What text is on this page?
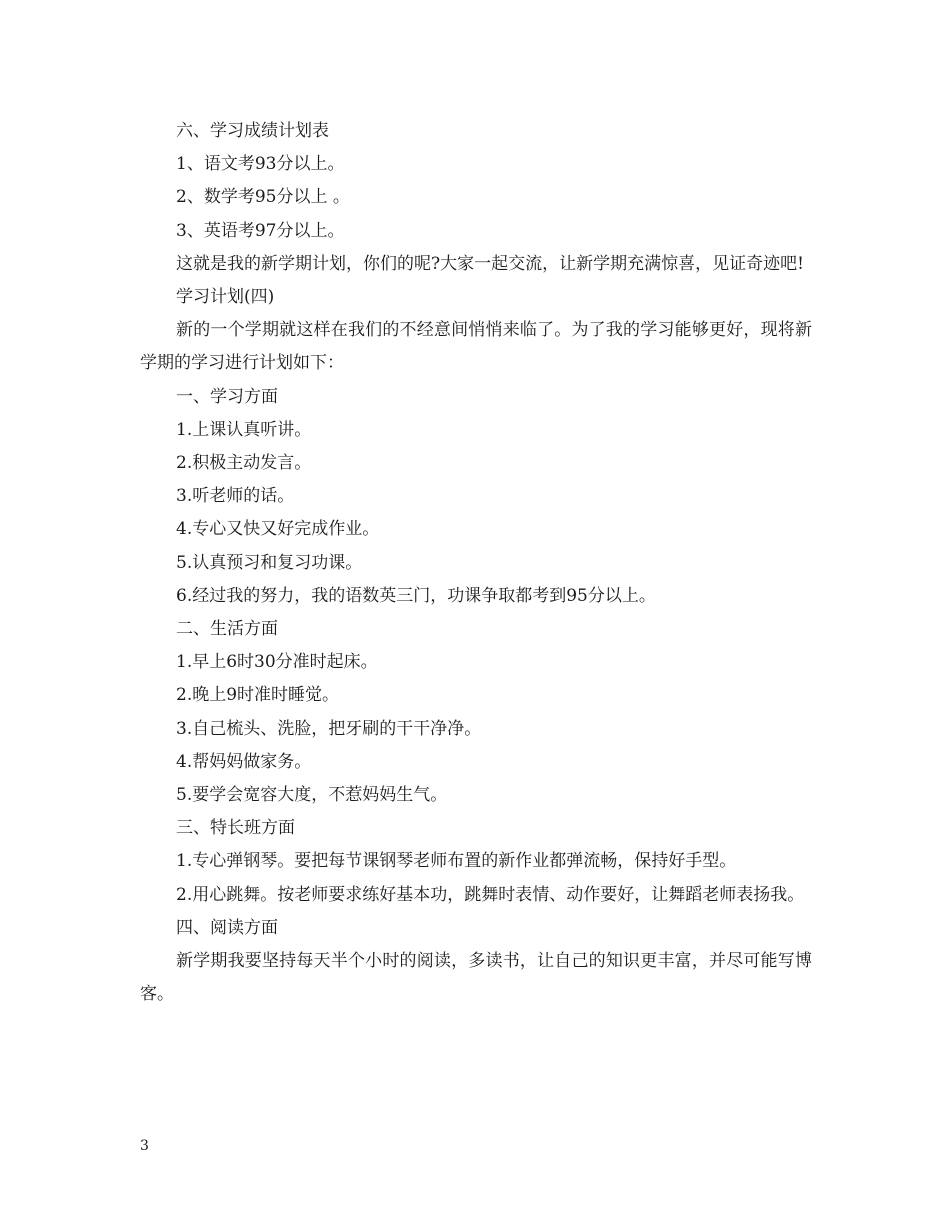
六、学习成绩计划表

1、语文考93分以上。

2、数学考95分以上 。

3、英语考97分以上。

这就是我的新学期计划，你们的呢?大家一起交流，让新学期充满惊喜，见证奇迹吧!

学习计划(四)

新的一个学期就这样在我们的不经意间悄悄来临了。为了我的学习能够更好，现将新学期的学习进行计划如下：

一、学习方面

1.上课认真听讲。

2.积极主动发言。

3.听老师的话。

4.专心又快又好完成作业。

5.认真预习和复习功课。

6.经过我的努力，我的语数英三门，功课争取都考到95分以上。

二、生活方面

1.早上6时30分准时起床。

2.晚上9时准时睡觉。

3.自己梳头、洗脸，把牙刷的干干净净。

4.帮妈妈做家务。

5.要学会宽容大度，不惹妈妈生气。

三、特长班方面

1.专心弹钢琴。要把每节课钢琴老师布置的新作业都弹流畅，保持好手型。

2.用心跳舞。按老师要求练好基本功，跳舞时表情、动作要好，让舞蹈老师表扬我。

四、阅读方面

新学期我要坚持每天半个小时的阅读，多读书，让自己的知识更丰富，并尽可能写博客。

3
